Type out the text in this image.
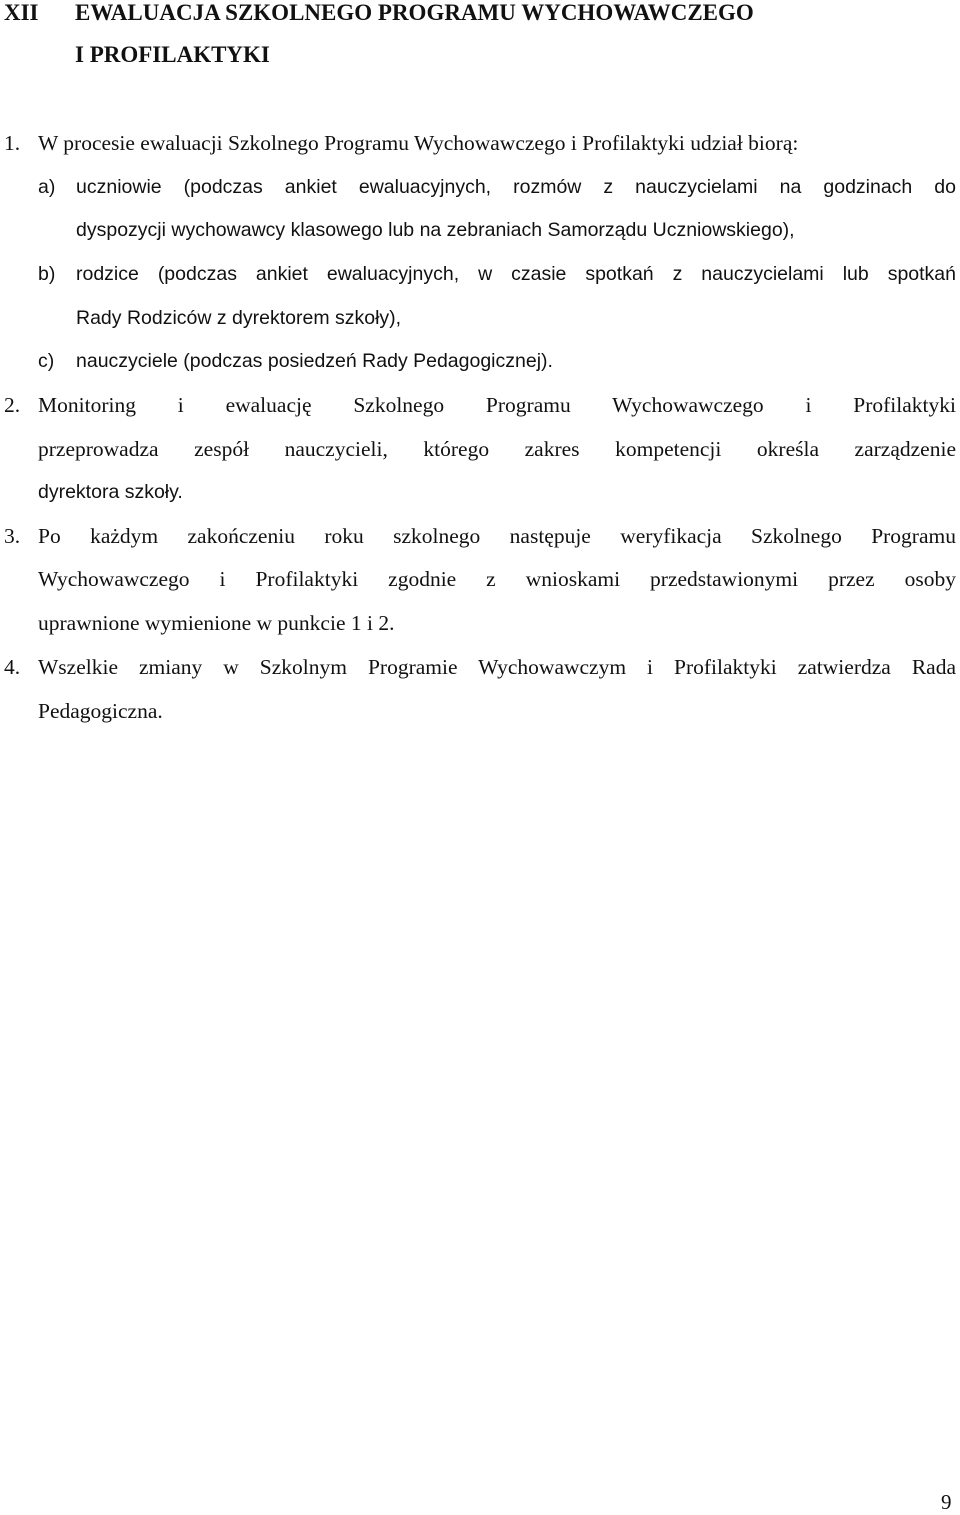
XII EWALUACJA SZKOLNEGO PROGRAMU WYCHOWAWCZEGO
I PROFILAKTYKI
1. W procesie ewaluacji Szkolnego Programu Wychowawczego i Profilaktyki udział biorą:
a) uczniowie (podczas ankiet ewaluacyjnych, rozmów z nauczycielami na godzinach do
dyspozycji wychowawcy klasowego lub na zebraniach Samorządu Uczniowskiego),
b) rodzice (podczas ankiet ewaluacyjnych, w czasie spotkań z nauczycielami lub spotkań
Rady Rodziców z dyrektorem szkoły),
c) nauczyciele (podczas posiedzeń Rady Pedagogicznej).
2. Monitoring i ewaluację Szkolnego Programu Wychowawczego i Profilaktyki
przeprowadza zespół nauczycieli, którego zakres kompetencji określa zarządzenie
dyrektora szkoły.
3. Po każdym zakończeniu roku szkolnego następuje weryfikacja Szkolnego Programu
Wychowawczego i Profilaktyki zgodnie z wnioskami przedstawionymi przez osoby
uprawnione wymienione w punkcie 1 i 2.
4. Wszelkie zmiany w Szkolnym Programie Wychowawczym i Profilaktyki zatwierdza Rada
Pedagogiczna.
9
